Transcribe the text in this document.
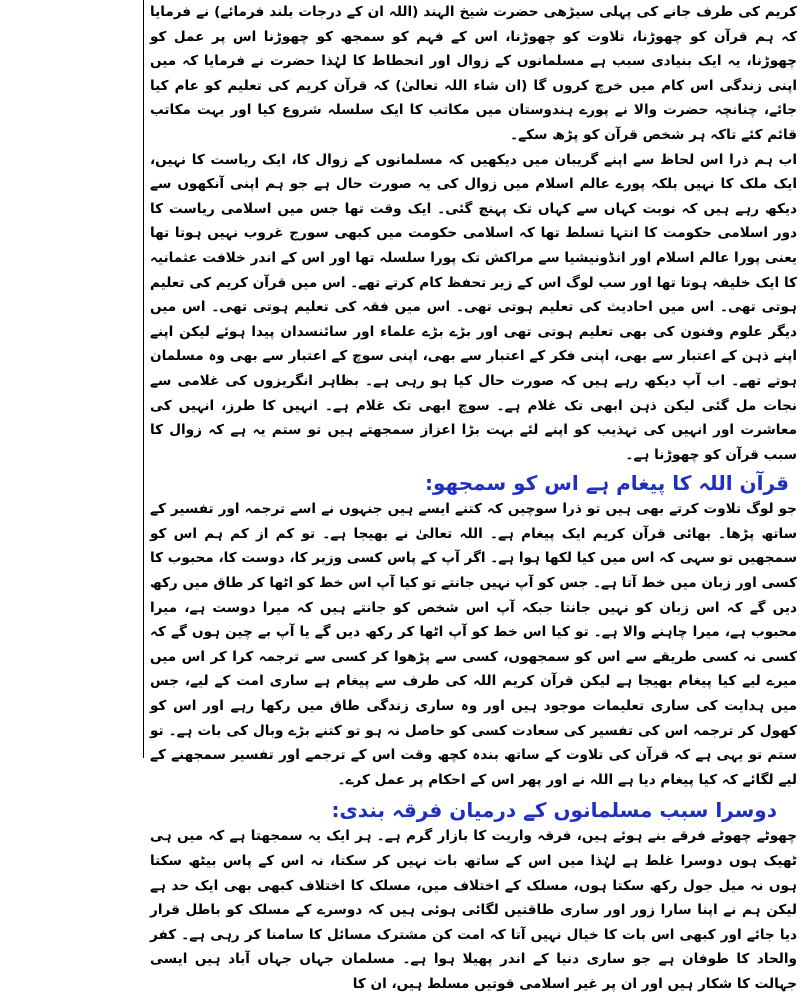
کریم کی طرف جانے کی پہلی سیڑھی حضرت شیخ الہند (اللہ ان کے درجات بلند فرمائے) نے فرمایا کہ ہم قرآن کو چھوڑنا، تلاوت کو چھوڑنا، اس کے فہم کو سمجھ کو چھوڑنا اس پر عمل کو چھوڑنا، یہ ایک بنیادی سبب ہے مسلمانوں کے زوال اور انحطاط کا لہٰذا حضرت نے فرمایا کہ میں اپنی زندگی اس کام میں خرچ کروں گا (ان شاء اللہ تعالیٰ) کہ قرآن کریم کی تعلیم کو عام کیا جائے، چنانچہ حضرت والا نے پورے ہندوستان میں مکاتب کا ایک سلسلہ شروع کیا اور بہت مکاتب قائم کئے تاکہ ہر شخص قرآن کو پڑھ سکے۔

اب ہم ذرا اس لحاظ سے اپنے گریبان میں دیکھیں کہ مسلمانوں کے زوال کا، ایک ریاست کا نہیں، ایک ملک کا نہیں بلکہ پورے عالم اسلام میں زوال کی یہ صورت حال ہے جو ہم اپنی آنکھوں سے دیکھ رہے ہیں کہ نوبت کہاں سے کہاں تک پہنچ گئی۔ ایک وقت تھا جس میں اسلامی ریاست کا دور اسلامی حکومت کا انتہا تسلط تھا کہ اسلامی حکومت میں کبھی سورج غروب نہیں ہوتا تھا یعنی پورا عالم اسلام اور انڈونیشیا سے مراکش تک پورا سلسلہ تھا اور اس کے اندر خلافت عثمانیہ کا ایک خلیفہ ہوتا تھا اور سب لوگ اس کے زیر تحفظ کام کرتے تھے۔ اس میں قرآن کریم کی تعلیم ہوتی تھی۔ اس میں احادیث کی تعلیم ہوتی تھی۔ اس میں فقہ کی تعلیم ہوتی تھی۔ اس میں دیگر علوم وفنون کی بھی تعلیم ہوتی تھی اور بڑے بڑے علماء اور سائنسدان پیدا ہوئے لیکن اپنے اپنے ذہن کے اعتبار سے بھی، اپنی فکر کے اعتبار سے بھی، اپنی سوچ کے اعتبار سے بھی وہ مسلمان ہوتے تھے۔ اب آپ دیکھ رہے ہیں کہ صورت حال کیا ہو رہی ہے۔ بظاہر انگریزوں کی غلامی سے نجات مل گئی لیکن ذہن ابھی تک غلام ہے۔ سوچ ابھی تک غلام ہے۔ انہیں کا طرز، انہیں کی معاشرت اور انہیں کی تہذیب کو اپنے لئے بہت بڑا اعزاز سمجھتے ہیں تو ستم یہ ہے کہ زوال کا سبب قرآن کو چھوڑنا ہے۔

قرآن اللہ کا پیغام ہے اس کو سمجھو:

جو لوگ تلاوت کرتے بھی ہیں تو ذرا سوچیں کہ کتنے ایسے ہیں جنہوں نے اسے ترجمہ اور تفسیر کے ساتھ پڑھا۔ بھائی قرآن کریم ایک پیغام ہے۔ اللہ تعالیٰ نے بھیجا ہے۔ تو کم از کم ہم اس کو سمجھیں تو سہی کہ اس میں کیا لکھا ہوا ہے۔ اگر آپ کے پاس کسی وزیر کا، دوست کا، محبوب کا کسی اور زبان میں خط آتا ہے۔ جس کو آپ نہیں جانتے تو کیا آپ اس خط کو اٹھا کر طاق میں رکھ دیں گے کہ اس زبان کو نہیں جانتا جبکہ آپ اس شخص کو جانتے ہیں کہ میرا دوست ہے، میرا محبوب ہے، میرا چاہنے والا ہے۔ تو کیا اس خط کو آپ اٹھا کر رکھ دیں گے یا آپ بے چین ہوں گے کہ کسی نہ کسی طریقے سے اس کو سمجھوں، کسی سے پڑھوا کر کسی سے ترجمہ کرا کر اس میں میرے لیے کیا پیغام بھیجا ہے لیکن قرآن کریم اللہ کی طرف سے پیغام ہے ساری امت کے لیے، جس میں ہدایت کی ساری تعلیمات موجود ہیں اور وہ ساری زندگی طاق میں رکھا رہے اور اس کو کھول کر ترجمہ اس کی تفسیر کی سعادت کسی کو حاصل نہ ہو تو کتنے بڑے وبال کی بات ہے۔ تو ستم تو یہی ہے کہ قرآن کی تلاوت کے ساتھ بندہ کچھ وقت اس کے ترجمے اور تفسیر سمجھنے کے لیے لگائے کہ کیا پیغام دیا ہے اللہ نے اور پھر اس کے احکام پر عمل کرے۔

دوسرا سبب مسلمانوں کے درمیان فرقہ بندی:

چھوٹے چھوٹے فرقے بنے ہوئے ہیں، فرقہ واریت کا بازار گرم ہے۔ ہر ایک یہ سمجھتا ہے کہ میں ہی ٹھیک ہوں دوسرا غلط ہے لہٰذا میں اس کے ساتھ بات نہیں کر سکتا، نہ اس کے پاس بیٹھ سکتا ہوں نہ میل جول رکھ سکتا ہوں، مسلک کے اختلاف میں، مسلک کا اختلاف کبھی بھی ایک حد ہے لیکن ہم نے اپنا سارا زور اور ساری طاقتیں لگائی ہوئی ہیں کہ دوسرے کے مسلک کو باطل قرار دیا جائے اور کبھی اس بات کا خیال نہیں آتا کہ امت کن مشترک مسائل کا سامنا کر رہی ہے۔ کفر والحاد کا طوفان ہے جو ساری دنیا کے اندر پھیلا ہوا ہے۔ مسلمان جہاں جہاں آباد ہیں ایسی جہالت کا شکار ہیں اور ان پر غیر اسلامی قوتیں مسلط ہیں، ان کا
